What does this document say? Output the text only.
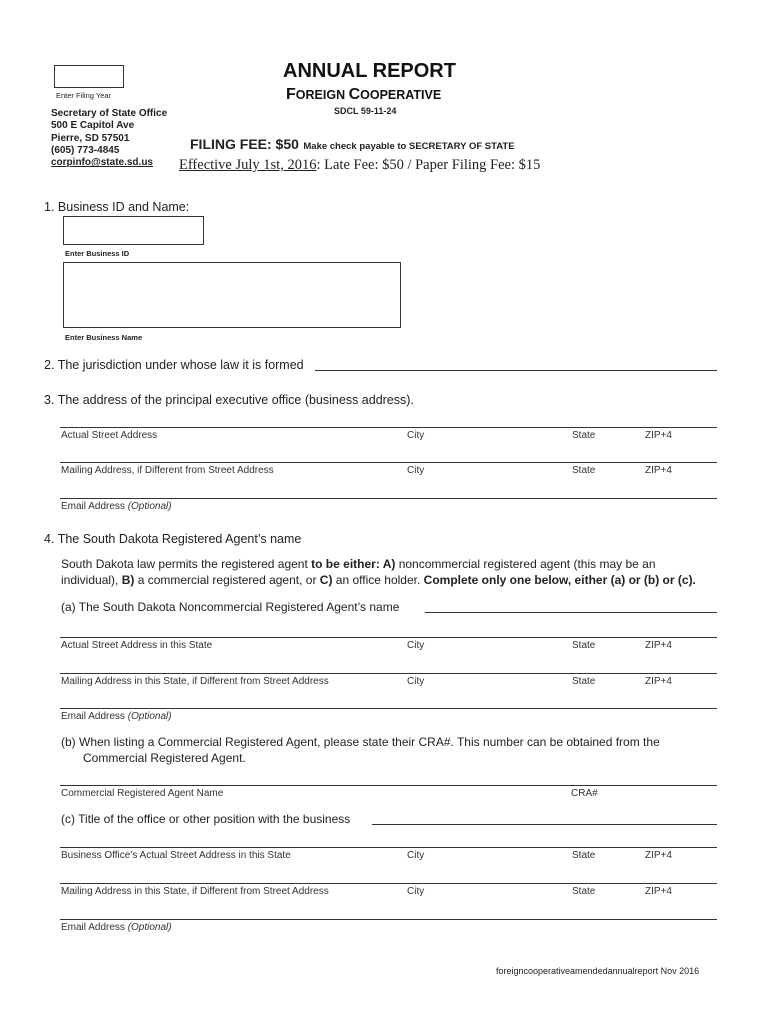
Enter Filing Year
ANNUAL REPORT
FOREIGN COOPERATIVE
SDCL 59-11-24
Secretary of State Office
500 E Capitol Ave
Pierre, SD 57501
(605) 773-4845
corpinfo@state.sd.us
FILING FEE: $50 Make check payable to SECRETARY OF STATE
Effective July 1st, 2016: Late Fee: $50 / Paper Filing Fee: $15
1. Business ID and Name:
Enter Business ID
Enter Business Name
2. The jurisdiction under whose law it is formed
3. The address of the principal executive office (business address).
Actual Street Address	City	State	ZIP+4
Mailing Address, if Different from Street Address	City	State	ZIP+4
Email Address (Optional)
4. The South Dakota Registered Agent’s name
South Dakota law permits the registered agent to be either: A) noncommercial registered agent (this may be an
individual), B) a commercial registered agent, or C) an office holder. Complete only one below, either (a) or (b) or (c).
(a) The South Dakota Noncommercial Registered Agent’s name
Actual Street Address in this State	City	State	ZIP+4
Mailing Address in this State, if Different from Street Address	City	State	ZIP+4
Email Address (Optional)
(b) When listing a Commercial Registered Agent, please state their CRA#. This number can be obtained from the
Commercial Registered Agent.
Commercial Registered Agent Name	CRA#
(c) Title of the office or other position with the business
Business Office’s Actual Street Address in this State	City	State	ZIP+4
Mailing Address in this State, if Different from Street Address	City	State	ZIP+4
Email Address (Optional)
foreigncooperativeamendedannualreport Nov 2016
